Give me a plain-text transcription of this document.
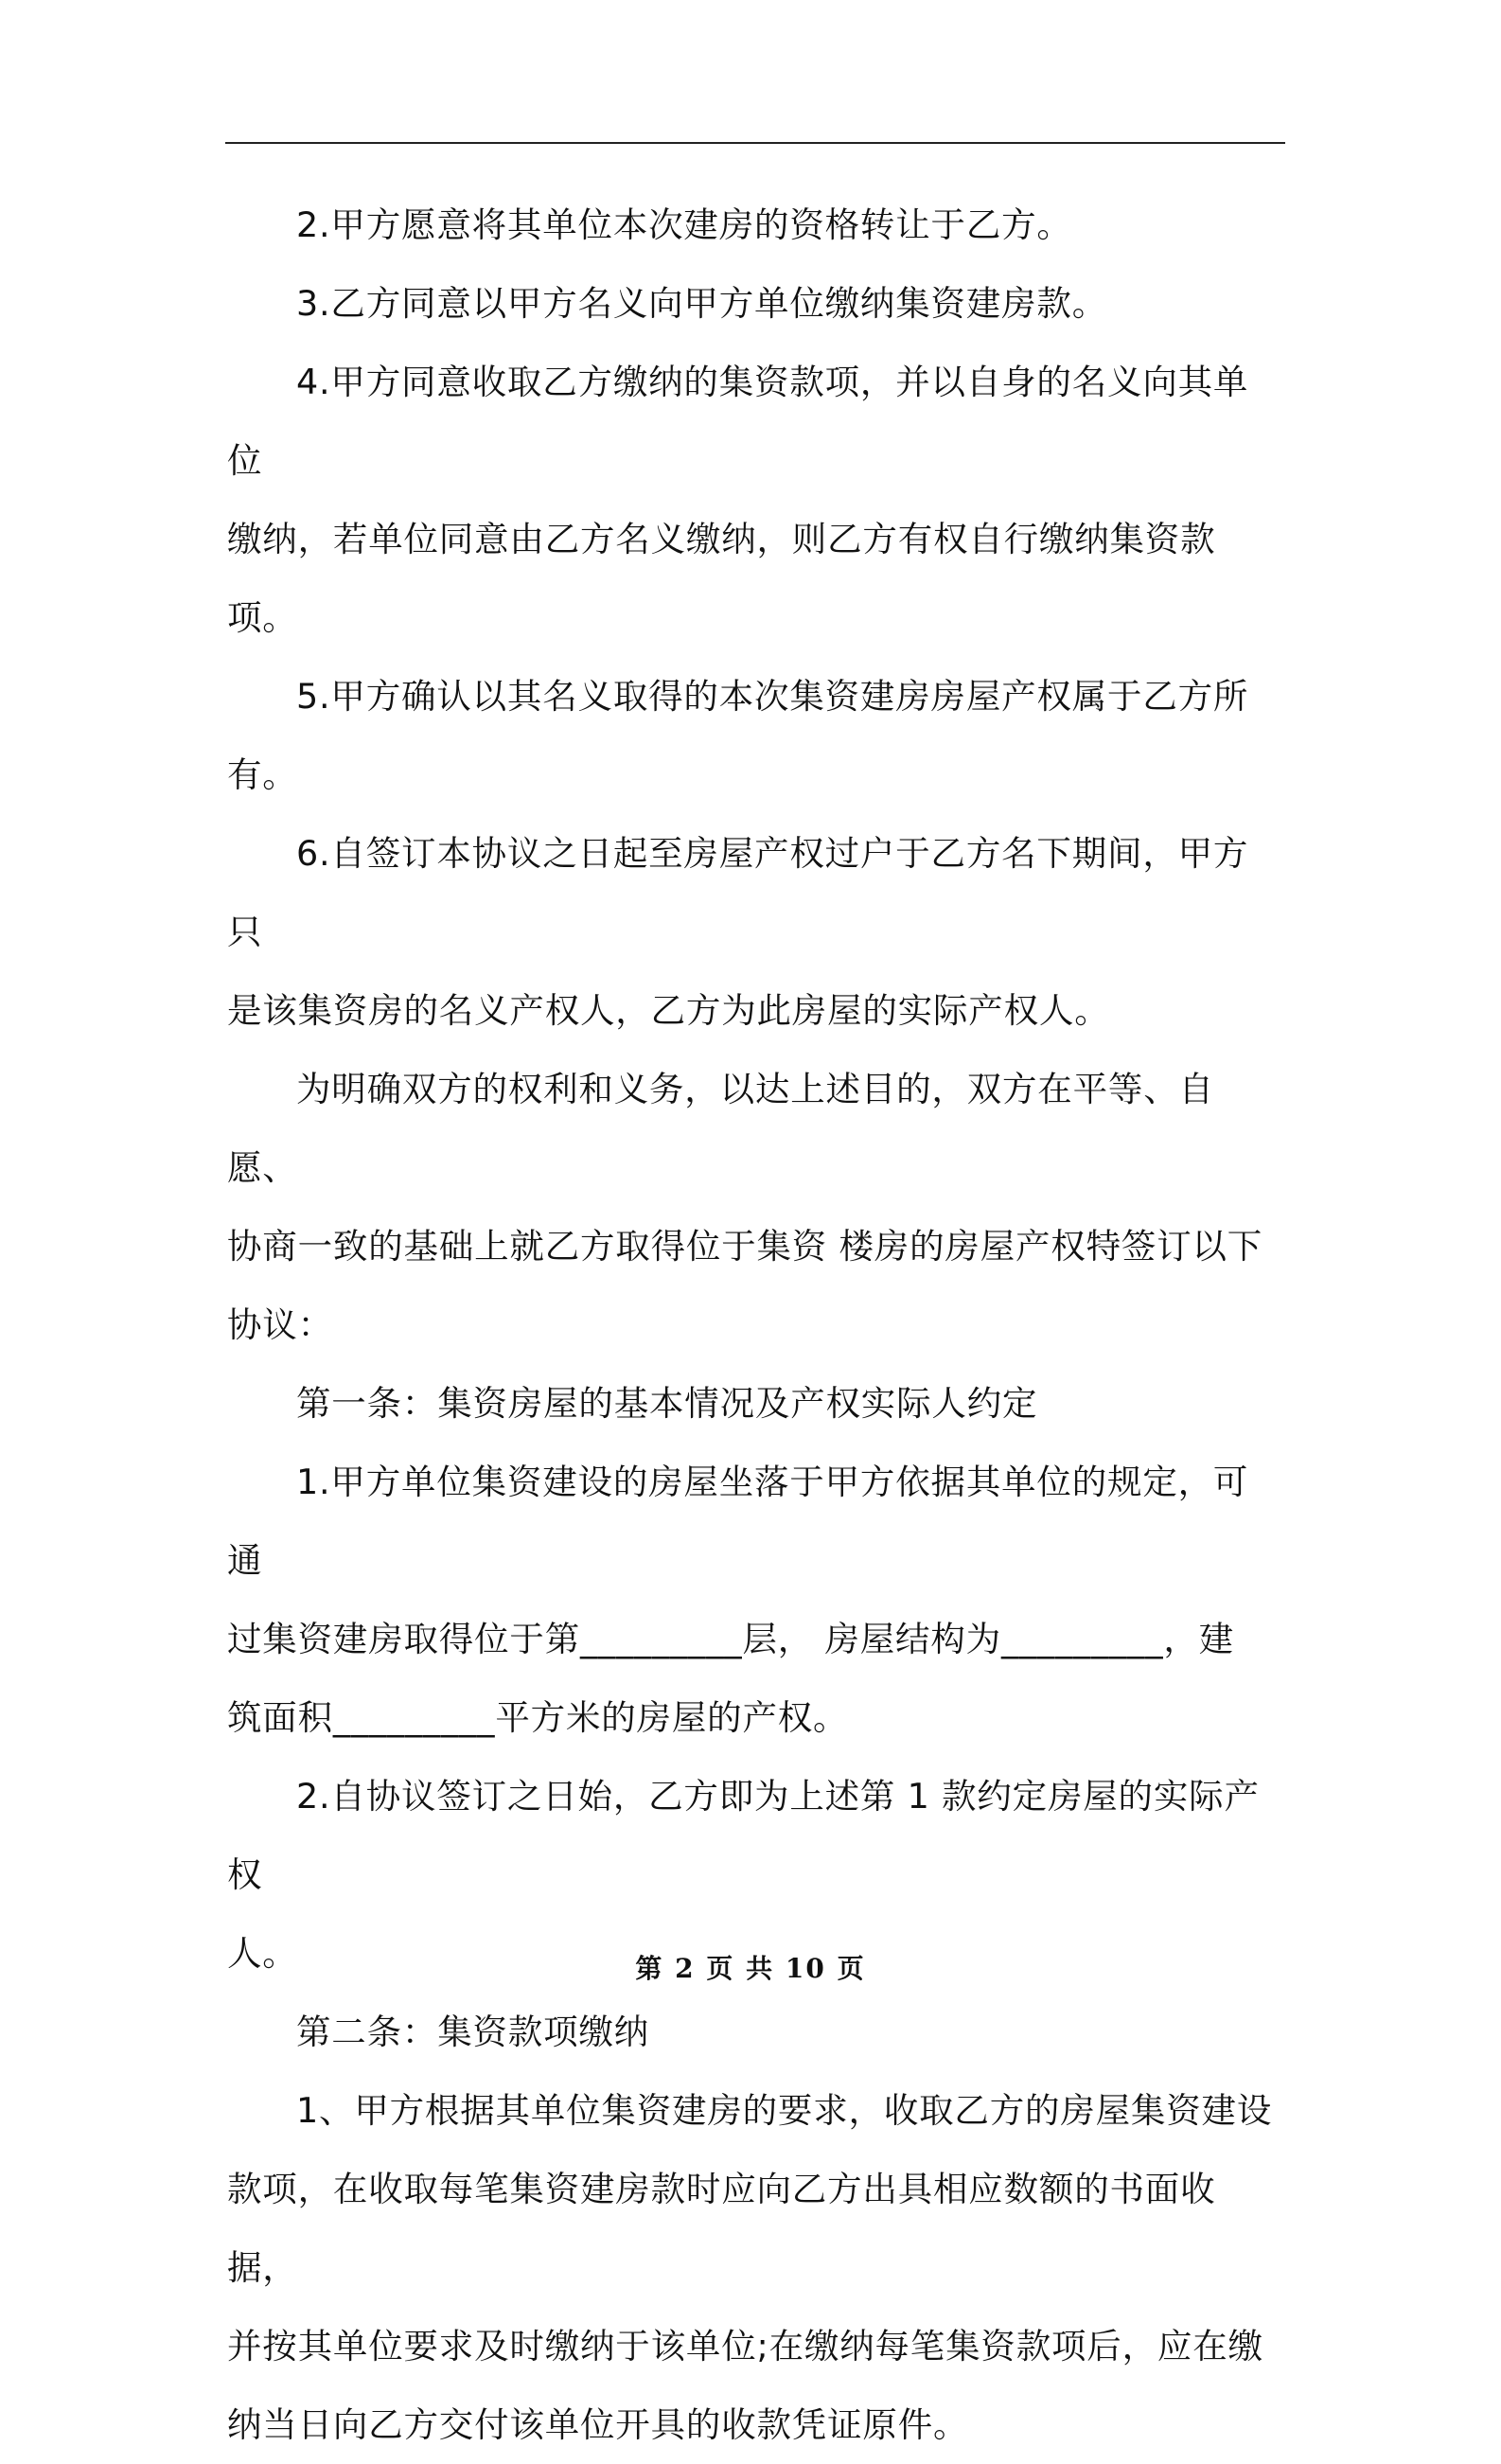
2.甲方愿意将其单位本次建房的资格转让于乙方。
3.乙方同意以甲方名义向甲方单位缴纳集资建房款。
4.甲方同意收取乙方缴纳的集资款项，并以自身的名义向其单位
缴纳，若单位同意由乙方名义缴纳，则乙方有权自行缴纳集资款项。
5.甲方确认以其名义取得的本次集资建房房屋产权属于乙方所
有。
6.自签订本协议之日起至房屋产权过户于乙方名下期间，甲方只
是该集资房的名义产权人，乙方为此房屋的实际产权人。
为明确双方的权利和义务，以达上述目的，双方在平等、自愿、
协商一致的基础上就乙方取得位于集资 楼房的房屋产权特签订以下
协议：
第一条：集资房屋的基本情况及产权实际人约定
1.甲方单位集资建设的房屋坐落于甲方依据其单位的规定，可通
过集资建房取得位于第_________层， 房屋结构为_________，建
筑面积_________平方米的房屋的产权。
2.自协议签订之日始，乙方即为上述第 1 款约定房屋的实际产权
人。
第二条：集资款项缴纳
1、甲方根据其单位集资建房的要求，收取乙方的房屋集资建设
款项，在收取每笔集资建房款时应向乙方出具相应数额的书面收据，
并按其单位要求及时缴纳于该单位;在缴纳每笔集资款项后，应在缴
纳当日向乙方交付该单位开具的收款凭证原件。
第 2 页 共 10 页
